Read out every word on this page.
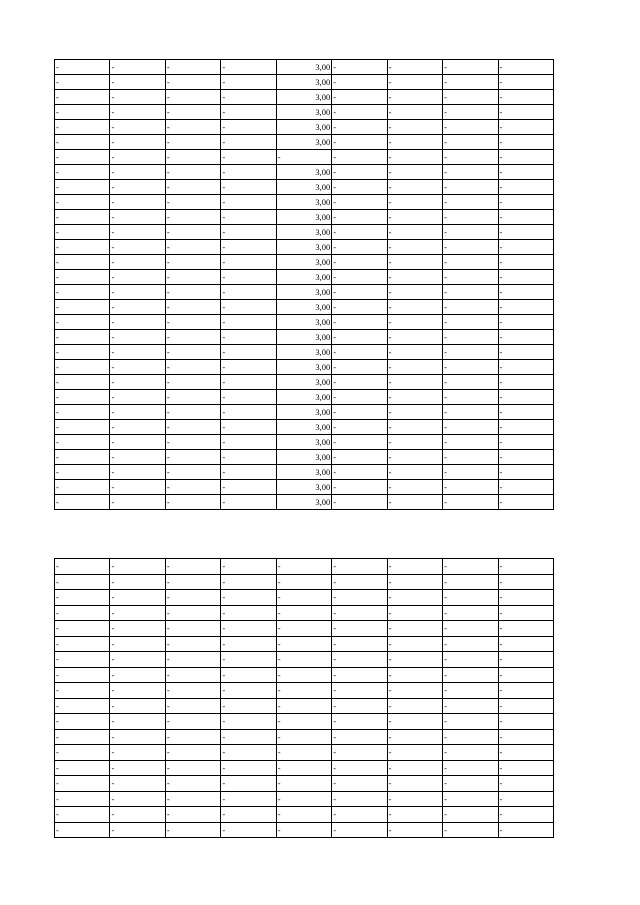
-	-	-	-	3,00	-	-	-	-
-	-	-	-	3,00	-	-	-	-
-	-	-	-	3,00	-	-	-	-
-	-	-	-	3,00	-	-	-	-
-	-	-	-	3,00	-	-	-	-
-	-	-	-	3,00	-	-	-	-
-	-	-	-	-	-	-	-	-
-	-	-	-	3,00	-	-	-	-
-	-	-	-	3,00	-	-	-	-
-	-	-	-	3,00	-	-	-	-
-	-	-	-	3,00	-	-	-	-
-	-	-	-	3,00	-	-	-	-
-	-	-	-	3,00	-	-	-	-
-	-	-	-	3,00	-	-	-	-
-	-	-	-	3,00	-	-	-	-
-	-	-	-	3,00	-	-	-	-
-	-	-	-	3,00	-	-	-	-
-	-	-	-	3,00	-	-	-	-
-	-	-	-	3,00	-	-	-	-
-	-	-	-	3,00	-	-	-	-
-	-	-	-	3,00	-	-	-	-
-	-	-	-	3,00	-	-	-	-
-	-	-	-	3,00	-	-	-	-
-	-	-	-	3,00	-	-	-	-
-	-	-	-	3,00	-	-	-	-
-	-	-	-	3,00	-	-	-	-
-	-	-	-	3,00	-	-	-	-
-	-	-	-	3,00	-	-	-	-
-	-	-	-	3,00	-	-	-	-
-	-	-	-	3,00	-	-	-	-
-	-	-	-	-	-	-	-	-
-	-	-	-	-	-	-	-	-
-	-	-	-	-	-	-	-	-
-	-	-	-	-	-	-	-	-
-	-	-	-	-	-	-	-	-
-	-	-	-	-	-	-	-	-
-	-	-	-	-	-	-	-	-
-	-	-	-	-	-	-	-	-
-	-	-	-	-	-	-	-	-
-	-	-	-	-	-	-	-	-
-	-	-	-	-	-	-	-	-
-	-	-	-	-	-	-	-	-
-	-	-	-	-	-	-	-	-
-	-	-	-	-	-	-	-	-
-	-	-	-	-	-	-	-	-
-	-	-	-	-	-	-	-	-
-	-	-	-	-	-	-	-	-
-	-	-	-	-	-	-	-	-
